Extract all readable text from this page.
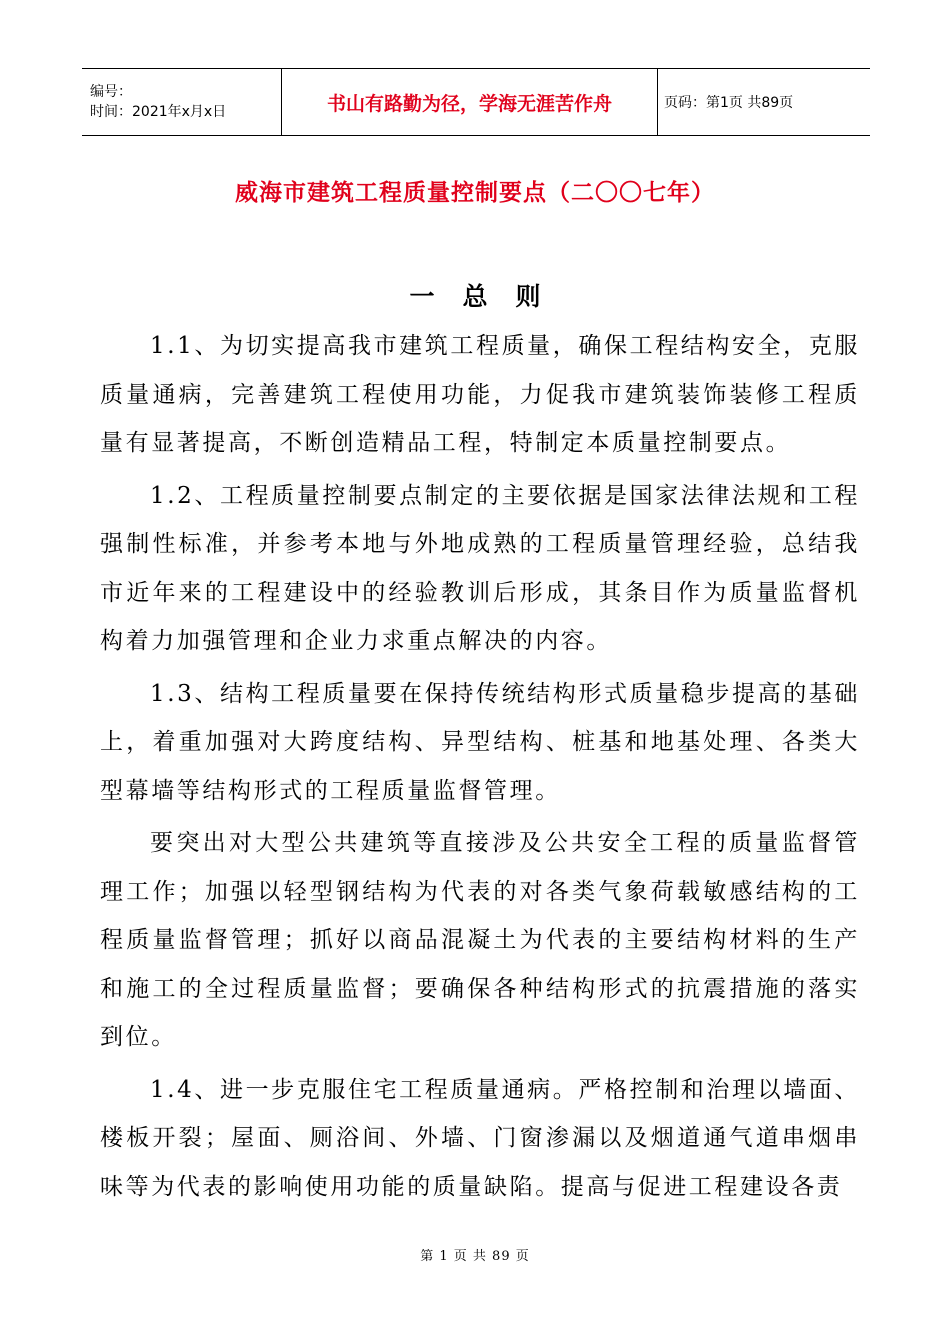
编号：
时间：2021年x月x日	书山有路勤为径，学海无涯苦作舟	页码：第1页 共89页
威海市建筑工程质量控制要点（二〇〇七年）
一 总 则

1.1、为切实提高我市建筑工程质量，确保工程结构安全，克服质量通病，完善建筑工程使用功能，力促我市建筑装饰装修工程质量有显著提高，不断创造精品工程，特制定本质量控制要点。

1.2、工程质量控制要点制定的主要依据是国家法律法规和工程强制性标准，并参考本地与外地成熟的工程质量管理经验，总结我市近年来的工程建设中的经验教训后形成，其条目作为质量监督机构着力加强管理和企业力求重点解决的内容。

1.3、结构工程质量要在保持传统结构形式质量稳步提高的基础上，着重加强对大跨度结构、异型结构、桩基和地基处理、各类大型幕墙等结构形式的工程质量监督管理。

要突出对大型公共建筑等直接涉及公共安全工程的质量监督管理工作；加强以轻型钢结构为代表的对各类气象荷载敏感结构的工程质量监督管理；抓好以商品混凝土为代表的主要结构材料的生产和施工的全过程质量监督；要确保各种结构形式的抗震措施的落实到位。

1.4、进一步克服住宅工程质量通病。严格控制和治理以墙面、楼板开裂；屋面、厕浴间、外墙、门窗渗漏以及烟道通气道串烟串味等为代表的影响使用功能的质量缺陷。提高与促进工程建设各责

第 1 页 共 89 页
